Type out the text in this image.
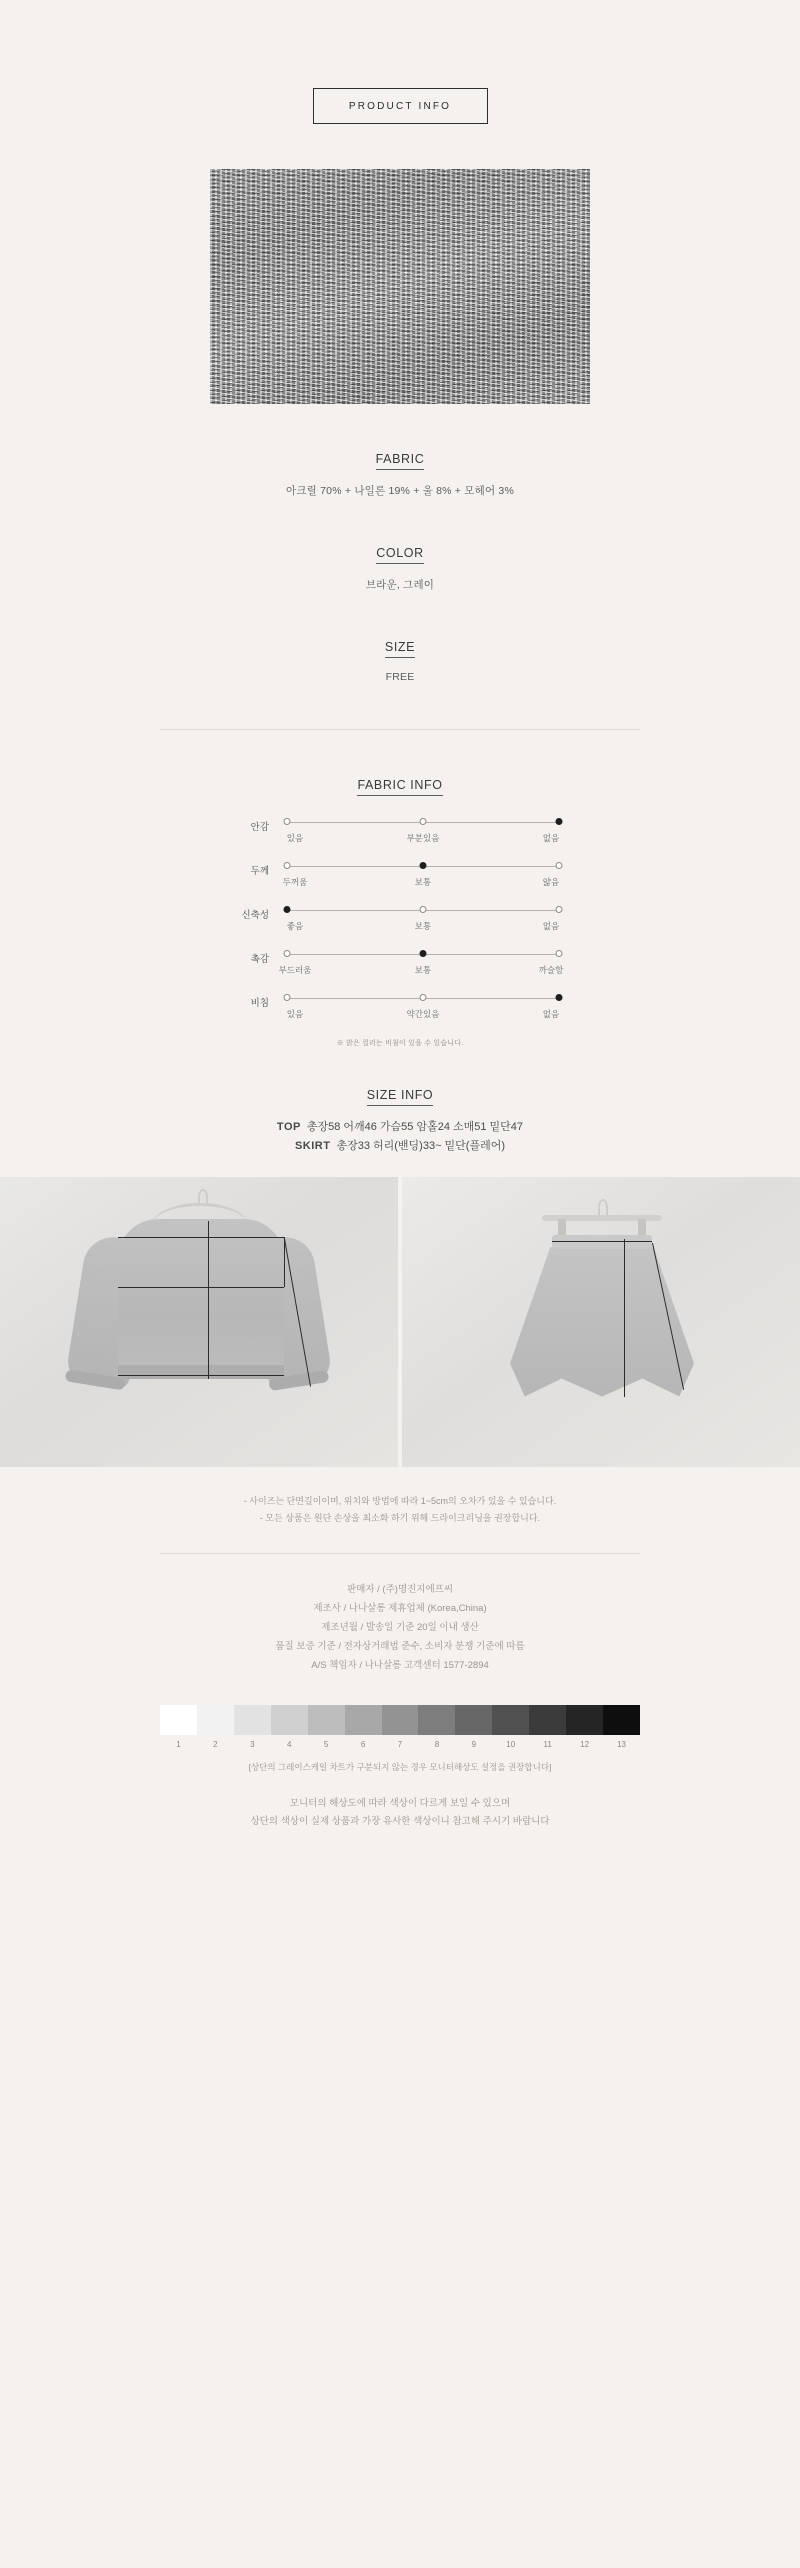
PRODUCT INFO
FABRIC
아크릴 70% + 나일론 19% + 울 8% + 모헤어 3%
COLOR
브라운, 그레이
SIZE
FREE
FABRIC INFO
안감
있음	부분있음	없음
두께
두꺼움	보통	얇음
신축성
좋음	보통	없음
촉감
부드러움	보통	까슬함
비침
있음	약간있음	없음
※ 밝은 컬러는 비침이 있을 수 있습니다.
SIZE INFO
TOP 총장58 어깨46 가슴55 암홀24 소매51 밑단47
SKIRT 총장33 허리(밴딩)33~ 밑단(플레어)
- 사이즈는 단면길이이며, 위치와 방법에 따라 1~5cm의 오차가 있을 수 있습니다.
- 모든 상품은 원단 손상을 최소화 하기 위해 드라이크리닝을 권장합니다.
판매자 / (주)명진지에프씨
제조사 / 나나살롱 제휴업체 (Korea,China)
제조년월 / 발송일 기준 20일 이내 생산
품질 보증 기준 / 전자상거래법 준수, 소비자 분쟁 기준에 따름
A/S 책임자 / 나나살롱 고객센터 1577-2894
1	2	3	4	5	6	7	8	9	10	11	12	13
[상단의 그레이스케일 차트가 구분되지 않는 경우 모니터해상도 설정을 권장합니다]
모니터의 해상도에 따라 색상이 다르게 보일 수 있으며
상단의 색상이 실제 상품과 가장 유사한 색상이니 참고해 주시기 바랍니다
